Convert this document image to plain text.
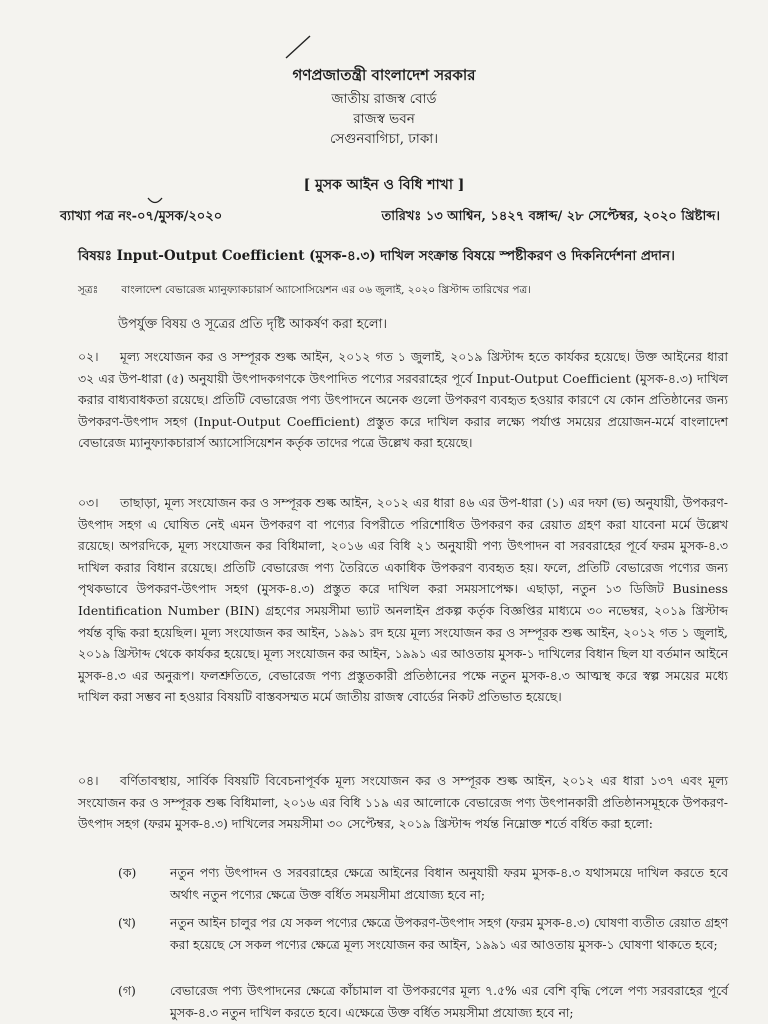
গণপ্রজাতন্ত্রী বাংলাদেশ সরকার
জাতীয় রাজস্ব বোর্ড
রাজস্ব ভবন
সেগুনবাগিচা, ঢাকা।
[ মুসক আইন ও বিধি শাখা ]
ব্যাখ্যা পত্র নং-০৭/মুসক/২০২০	তারিখঃ ১৩ আশ্বিন, ১৪২৭ বঙ্গাব্দ/ ২৮ সেপ্টেম্বর, ২০২০ খ্রিষ্টাব্দ।
বিষয়ঃ Input-Output Coefficient (মুসক-৪.৩) দাখিল সংক্রান্ত বিষয়ে স্পষ্টীকরণ ও দিকনির্দেশনা প্রদান।
সূত্রঃ বাংলাদেশ বেভারেজ ম্যানুফ্যাকচারার্স অ্যাসোসিয়েশন এর ০৬ জুলাই, ২০২০ খ্রিস্টাব্দ তারিখের পত্র।
উপর্যুক্ত বিষয় ও সূত্রের প্রতি দৃষ্টি আকর্ষণ করা হলো।
০২। মূল্য সংযোজন কর ও সম্পূরক শুল্ক আইন, ২০১২ গত ১ জুলাই, ২০১৯ খ্রিস্টাব্দ হতে কার্যকর হয়েছে। উক্ত আইনের ধারা ৩২ এর উপ-ধারা (৫) অনুযায়ী উৎপাদকগণকে উৎপাদিত পণ্যের সরবরাহের পূর্বে Input-Output Coefficient (মুসক-৪.৩) দাখিল করার বাধ্যবাধকতা রয়েছে। প্রতিটি বেভারেজ পণ্য উৎপাদনে অনেক গুলো উপকরণ ব্যবহৃত হওয়ার কারণে যে কোন প্রতিষ্ঠানের জন্য উপকরণ-উৎপাদ সহগ (Input-Output Coefficient) প্রস্তুত করে দাখিল করার লক্ষ্যে পর্যাপ্ত সময়ের প্রয়োজন-মর্মে বাংলাদেশ বেভারেজ ম্যানুফ্যাকচারার্স অ্যাসোসিয়েশন কর্তৃক তাদের পত্রে উল্লেখ করা হয়েছে।
০৩। তাছাড়া, মূল্য সংযোজন কর ও সম্পূরক শুল্ক আইন, ২০১২ এর ধারা ৪৬ এর উপ-ধারা (১) এর দফা (ভ) অনুযায়ী, উপকরণ-উৎপাদ সহগ এ ঘোষিত নেই এমন উপকরণ বা পণ্যের বিপরীতে পরিশোধিত উপকরণ কর রেয়াত গ্রহণ করা যাবেনা মর্মে উল্লেখ রয়েছে। অপরদিকে, মূল্য সংযোজন কর বিধিমালা, ২০১৬ এর বিধি ২১ অনুযায়ী পণ্য উৎপাদন বা সরবরাহের পূর্বে ফরম মুসক-৪.৩ দাখিল করার বিধান রয়েছে। প্রতিটি বেভারেজ পণ্য তৈরিতে একাধিক উপকরণ ব্যবহৃত হয়। ফলে, প্রতিটি বেভারেজ পণ্যের জন্য পৃথকভাবে উপকরণ-উৎপাদ সহগ (মুসক-৪.৩) প্রস্তুত করে দাখিল করা সময়সাপেক্ষ। এছাড়া, নতুন ১৩ ডিজিট Business Identification Number (BIN) গ্রহণের সময়সীমা ভ্যাট অনলাইন প্রকল্প কর্তৃক বিজ্ঞপ্তির মাধ্যমে ৩০ নভেম্বর, ২০১৯ খ্রিস্টাব্দ পর্যন্ত বৃদ্ধি করা হয়েছিল। মূল্য সংযোজন কর আইন, ১৯৯১ রদ হয়ে মূল্য সংযোজন কর ও সম্পূরক শুল্ক আইন, ২০১২ গত ১ জুলাই, ২০১৯ খ্রিস্টাব্দ থেকে কার্যকর হয়েছে। মূল্য সংযোজন কর আইন, ১৯৯১ এর আওতায় মুসক-১ দাখিলের বিধান ছিল যা বর্তমান আইনে মুসক-৪.৩ এর অনুরূপ। ফলশ্রুতিতে, বেভারেজ পণ্য প্রস্তুতকারী প্রতিষ্ঠানের পক্ষে নতুন মুসক-৪.৩ আত্মস্থ করে স্বল্প সময়ের মধ্যে দাখিল করা সম্ভব না হওয়ার বিষয়টি বাস্তবসম্মত মর্মে জাতীয় রাজস্ব বোর্ডের নিকট প্রতিভাত হয়েছে।
০৪। বর্ণিতাবস্থায়, সার্বিক বিষয়টি বিবেচনাপূর্বক মূল্য সংযোজন কর ও সম্পূরক শুল্ক আইন, ২০১২ এর ধারা ১৩৭ এবং মূল্য সংযোজন কর ও সম্পূরক শুল্ক বিধিমালা, ২০১৬ এর বিধি ১১৯ এর আলোকে বেভারেজ পণ্য উৎপানকারী প্রতিষ্ঠানসমূহকে উপকরণ-উৎপাদ সহগ (ফরম মুসক-৪.৩) দাখিলের সময়সীমা ৩০ সেপ্টেম্বর, ২০১৯ খ্রিস্টাব্দ পর্যন্ত নিম্নোক্ত শর্তে বর্ধিত করা হলো:
(ক)	নতুন পণ্য উৎপাদন ও সরবরাহের ক্ষেত্রে আইনের বিধান অনুযায়ী ফরম মুসক-৪.৩ যথাসময়ে দাখিল করতে হবে অর্থাৎ নতুন পণ্যের ক্ষেত্রে উক্ত বর্ধিত সময়সীমা প্রযোজ্য হবে না;
(খ)	নতুন আইন চালুর পর যে সকল পণ্যের ক্ষেত্রে উপকরণ-উৎপাদ সহগ (ফরম মুসক-৪.৩) ঘোষণা ব্যতীত রেয়াত গ্রহণ করা হয়েছে সে সকল পণ্যের ক্ষেত্রে মূল্য সংযোজন কর আইন, ১৯৯১ এর আওতায় মুসক-১ ঘোষণা থাকতে হবে;
(গ)	বেভারেজ পণ্য উৎপাদনের ক্ষেত্রে কাঁচামাল বা উপকরণের মূল্য ৭.৫% এর বেশি বৃদ্ধি পেলে পণ্য সরবরাহের পূর্বে মুসক-৪.৩ নতুন দাখিল করতে হবে। এক্ষেত্রে উক্ত বর্ধিত সময়সীমা প্রযোজ্য হবে না;
